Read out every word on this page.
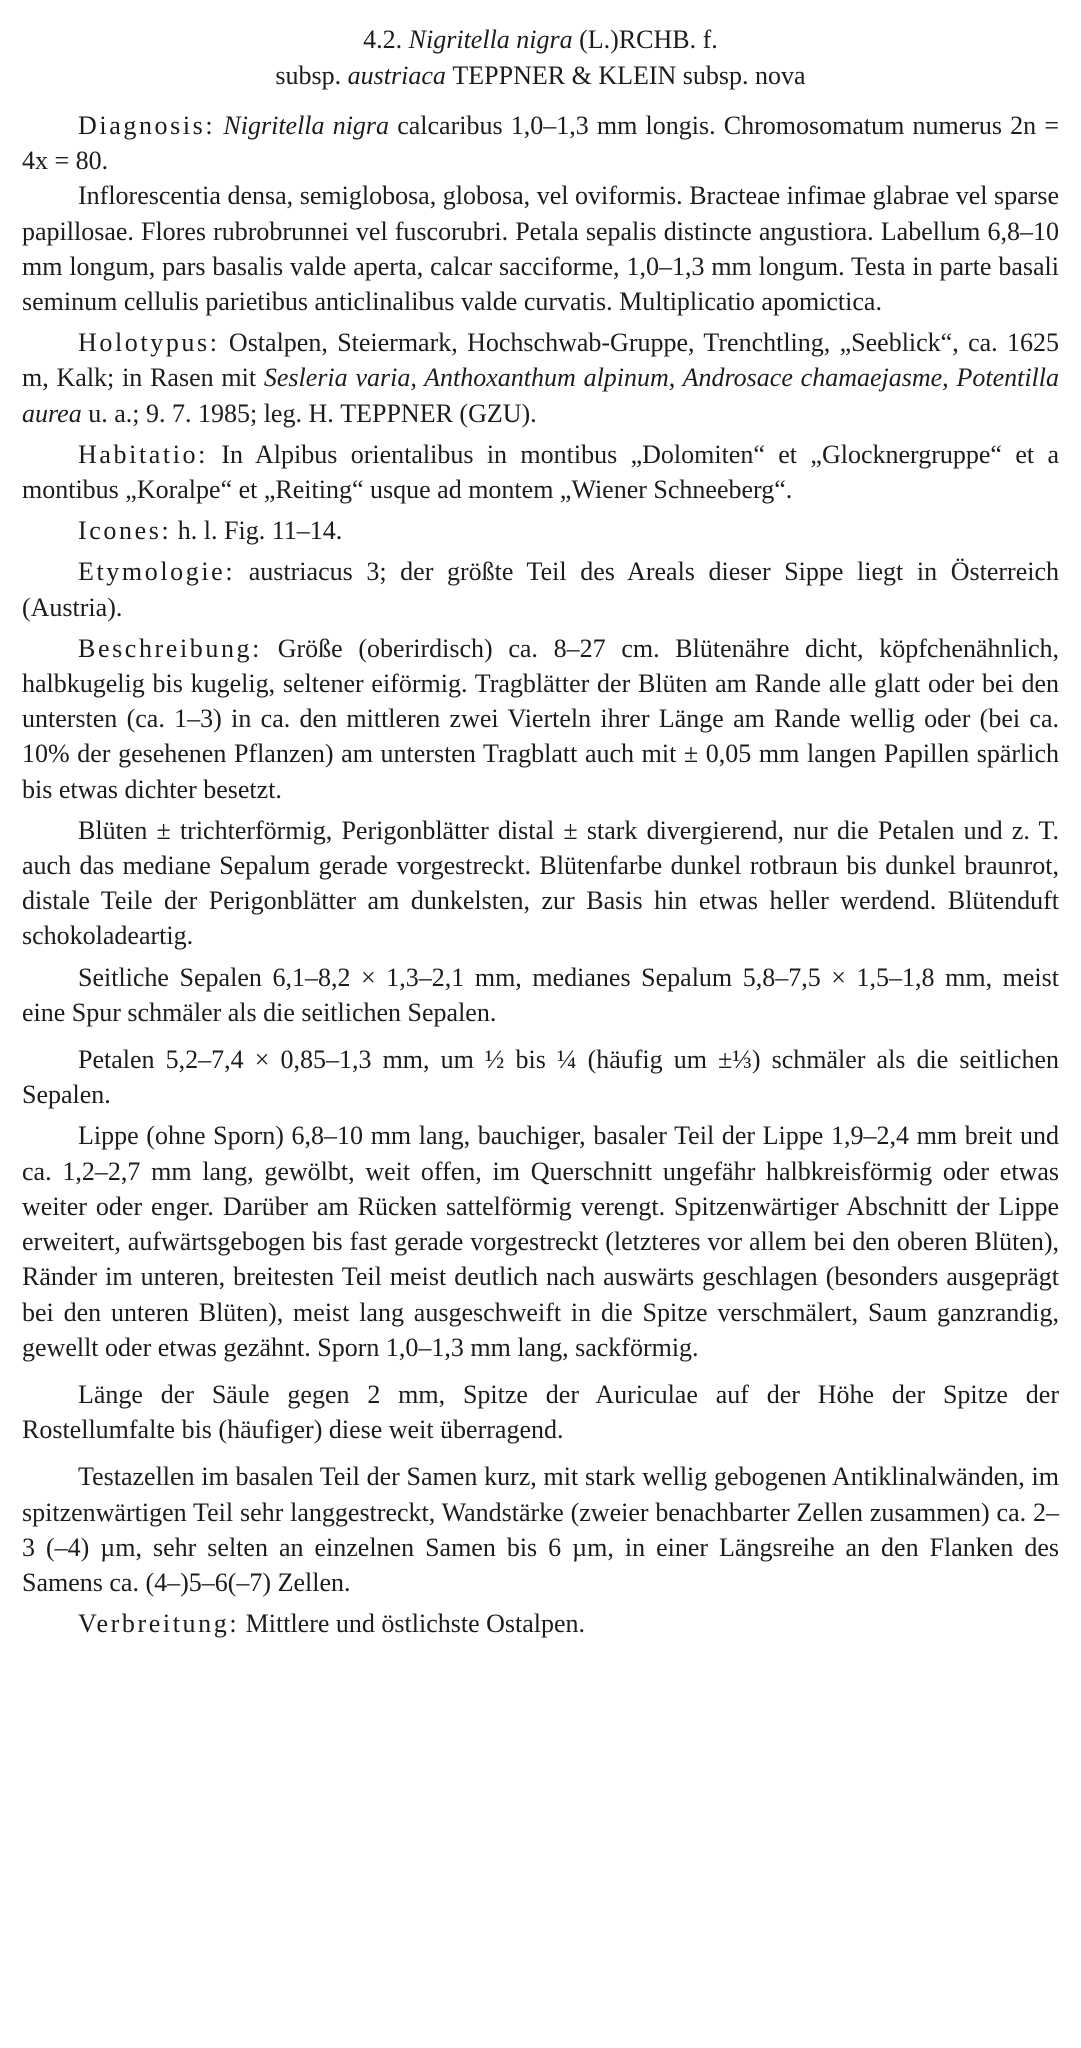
4.2. Nigritella nigra (L.)RCHB. f.
subsp. austriaca TEPPNER & KLEIN subsp. nova

Diagnosis: Nigritella nigra calcaribus 1,0–1,3 mm longis. Chromosomatum numerus 2n = 4x = 80.

Inflorescentia densa, semiglobosa, globosa, vel oviformis. Bracteae infimae glabrae vel sparse papillosae. Flores rubrobrunnei vel fuscorubri. Petala sepalis distincte angustiora. Labellum 6,8–10 mm longum, pars basalis valde aperta, calcar sacciforme, 1,0–1,3 mm longum. Testa in parte basali seminum cellulis parietibus anticlinalibus valde curvatis. Multiplicatio apomictica.

Holotypus: Ostalpen, Steiermark, Hochschwab-Gruppe, Trenchtling, „Seeblick“, ca. 1625 m, Kalk; in Rasen mit Sesleria varia, Anthoxanthum alpinum, Androsace chamaejasme, Potentilla aurea u. a.; 9. 7. 1985; leg. H. TEPPNER (GZU).

Habitatio: In Alpibus orientalibus in montibus „Dolomiten“ et „Glocknergruppe“ et a montibus „Koralpe“ et „Reiting“ usque ad montem „Wiener Schneeberg“.

Icones: h. l. Fig. 11–14.

Etymologie: austriacus 3; der größte Teil des Areals dieser Sippe liegt in Österreich (Austria).

Beschreibung: Größe (oberirdisch) ca. 8–27 cm. Blütenähre dicht, köpfchenähnlich, halbkugelig bis kugelig, seltener eiförmig. Tragblätter der Blüten am Rande alle glatt oder bei den untersten (ca. 1–3) in ca. den mittleren zwei Vierteln ihrer Länge am Rande wellig oder (bei ca. 10% der gesehenen Pflanzen) am untersten Tragblatt auch mit ± 0,05 mm langen Papillen spärlich bis etwas dichter besetzt.

Blüten ± trichterförmig, Perigonblätter distal ± stark divergierend, nur die Petalen und z. T. auch das mediane Sepalum gerade vorgestreckt. Blütenfarbe dunkel rotbraun bis dunkel braunrot, distale Teile der Perigonblätter am dunkelsten, zur Basis hin etwas heller werdend. Blütenduft schokoladeartig.

Seitliche Sepalen 6,1–8,2 × 1,3–2,1 mm, medianes Sepalum 5,8–7,5 × 1,5–1,8 mm, meist eine Spur schmäler als die seitlichen Sepalen.

Petalen 5,2–7,4 × 0,85–1,3 mm, um ½ bis ¼ (häufig um ±⅓) schmäler als die seitlichen Sepalen.

Lippe (ohne Sporn) 6,8–10 mm lang, bauchiger, basaler Teil der Lippe 1,9–2,4 mm breit und ca. 1,2–2,7 mm lang, gewölbt, weit offen, im Querschnitt ungefähr halbkreisförmig oder etwas weiter oder enger. Darüber am Rücken sattelförmig verengt. Spitzenwärtiger Abschnitt der Lippe erweitert, aufwärtsgebogen bis fast gerade vorgestreckt (letzteres vor allem bei den oberen Blüten), Ränder im unteren, breitesten Teil meist deutlich nach auswärts geschlagen (besonders ausgeprägt bei den unteren Blüten), meist lang ausgeschweift in die Spitze verschmälert, Saum ganzrandig, gewellt oder etwas gezähnt. Sporn 1,0–1,3 mm lang, sackförmig.

Länge der Säule gegen 2 mm, Spitze der Auriculae auf der Höhe der Spitze der Rostellumfalte bis (häufiger) diese weit überragend.

Testazellen im basalen Teil der Samen kurz, mit stark wellig gebogenen Antiklinalwänden, im spitzenwärtigen Teil sehr langgestreckt, Wandstärke (zweier benachbarter Zellen zusammen) ca. 2–3 (–4) µm, sehr selten an einzelnen Samen bis 6 µm, in einer Längsreihe an den Flanken des Samens ca. (4–)5–6(–7) Zellen.

Verbreitung: Mittlere und östlichste Ostalpen.
